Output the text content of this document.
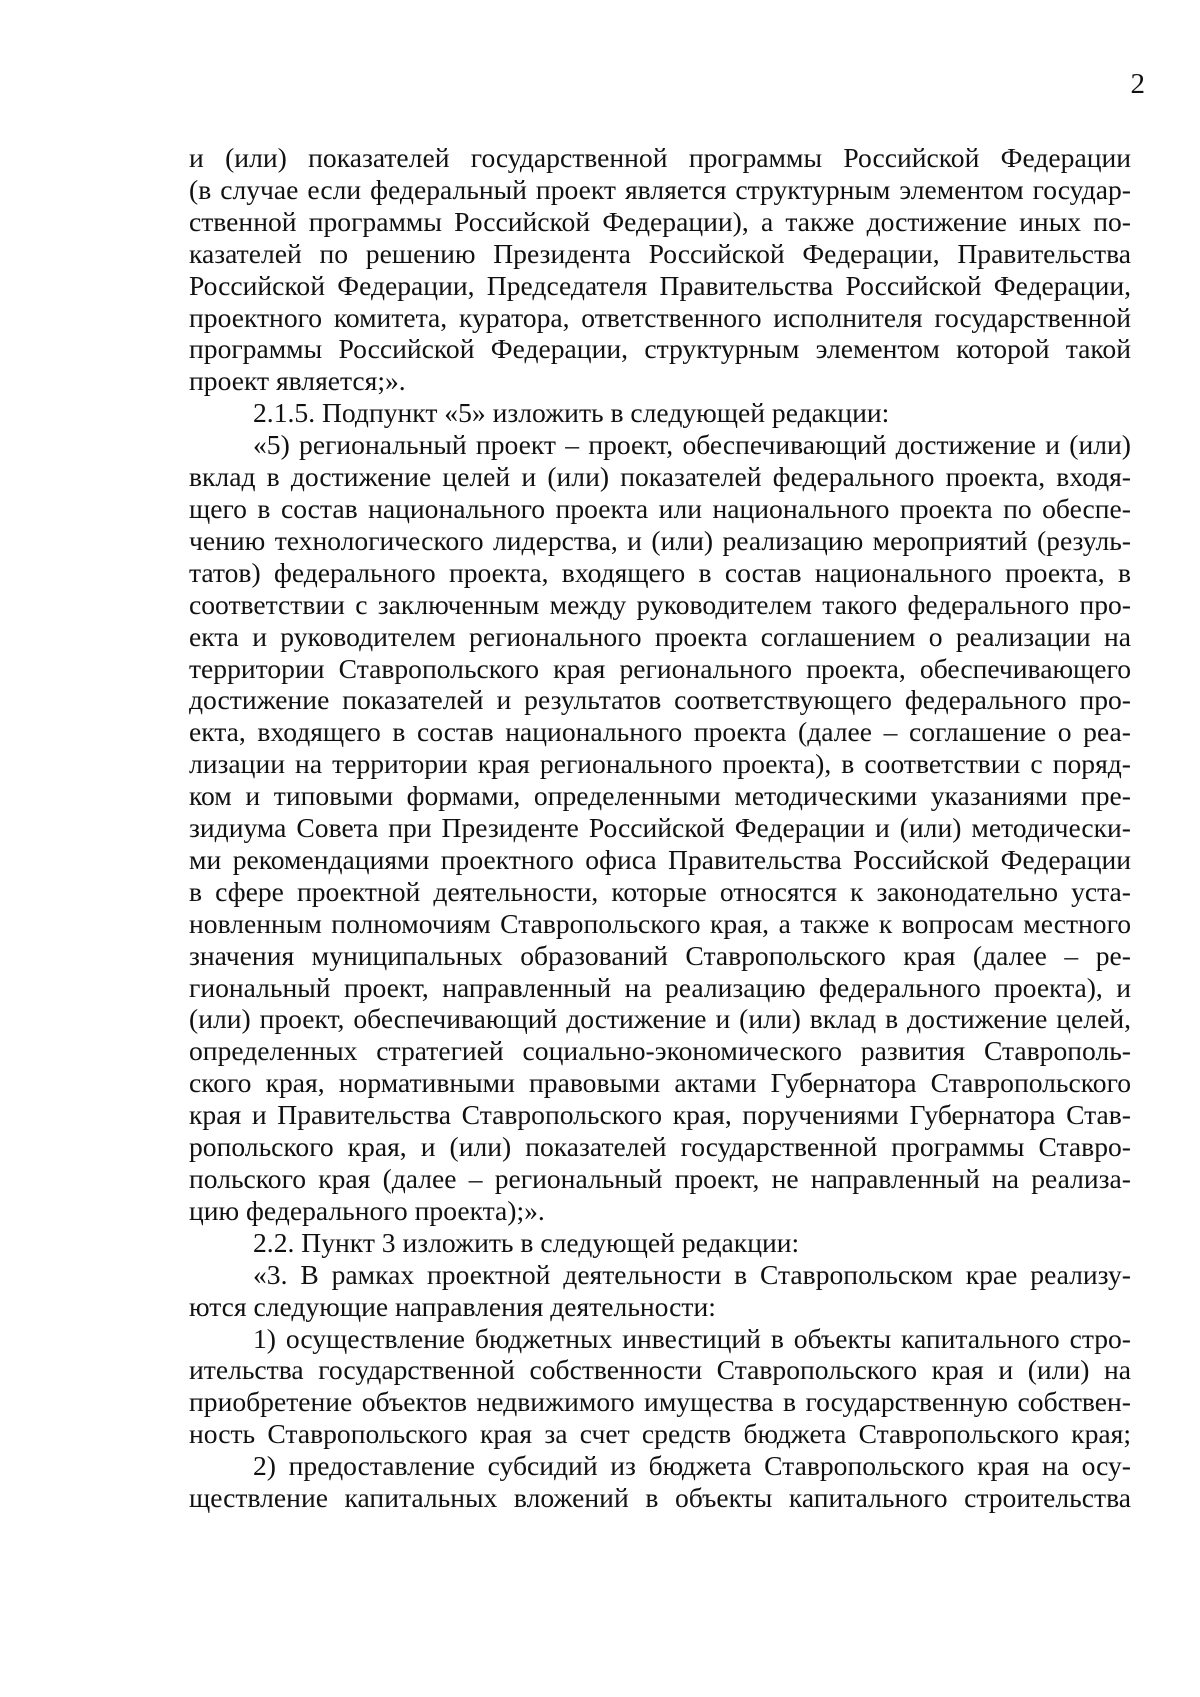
2
и (или) показателей государственной программы Российской Федерации
(в случае если федеральный проект является структурным элементом государ-
ственной программы Российской Федерации), а также достижение иных по-
казателей по решению Президента Российской Федерации, Правительства
Российской Федерации, Председателя Правительства Российской Федерации,
проектного комитета, куратора, ответственного исполнителя государственной
программы Российской Федерации, структурным элементом которой такой
проект является;».
2.1.5. Подпункт «5» изложить в следующей редакции:
«5) региональный проект – проект, обеспечивающий достижение и (или)
вклад в достижение целей и (или) показателей федерального проекта, входя-
щего в состав национального проекта или национального проекта по обеспе-
чению технологического лидерства, и (или) реализацию мероприятий (резуль-
татов) федерального проекта, входящего в состав национального проекта, в
соответствии с заключенным между руководителем такого федерального про-
екта и руководителем регионального проекта соглашением о реализации на
территории Ставропольского края регионального проекта, обеспечивающего
достижение показателей и результатов соответствующего федерального про-
екта, входящего в состав национального проекта (далее – соглашение о реа-
лизации на территории края регионального проекта), в соответствии с поряд-
ком и типовыми формами, определенными методическими указаниями пре-
зидиума Совета при Президенте Российской Федерации и (или) методически-
ми рекомендациями проектного офиса Правительства Российской Федерации
в сфере проектной деятельности, которые относятся к законодательно уста-
новленным полномочиям Ставропольского края, а также к вопросам местного
значения муниципальных образований Ставропольского края (далее – ре-
гиональный проект, направленный на реализацию федерального проекта), и
(или) проект, обеспечивающий достижение и (или) вклад в достижение целей,
определенных стратегией социально-экономического развития Ставрополь-
ского края, нормативными правовыми актами Губернатора Ставропольского
края и Правительства Ставропольского края, поручениями Губернатора Став-
ропольского края, и (или) показателей государственной программы Ставро-
польского края (далее – региональный проект, не направленный на реализа-
цию федерального проекта);».
2.2. Пункт 3 изложить в следующей редакции:
«3. В рамках проектной деятельности в Ставропольском крае реализу-
ются следующие направления деятельности:
1) осуществление бюджетных инвестиций в объекты капитального стро-
ительства государственной собственности Ставропольского края и (или) на
приобретение объектов недвижимого имущества в государственную собствен-
ность Ставропольского края за счет средств бюджета Ставропольского края;
2) предоставление субсидий из бюджета Ставропольского края на осу-
ществление капитальных вложений в объекты капитального строительства
